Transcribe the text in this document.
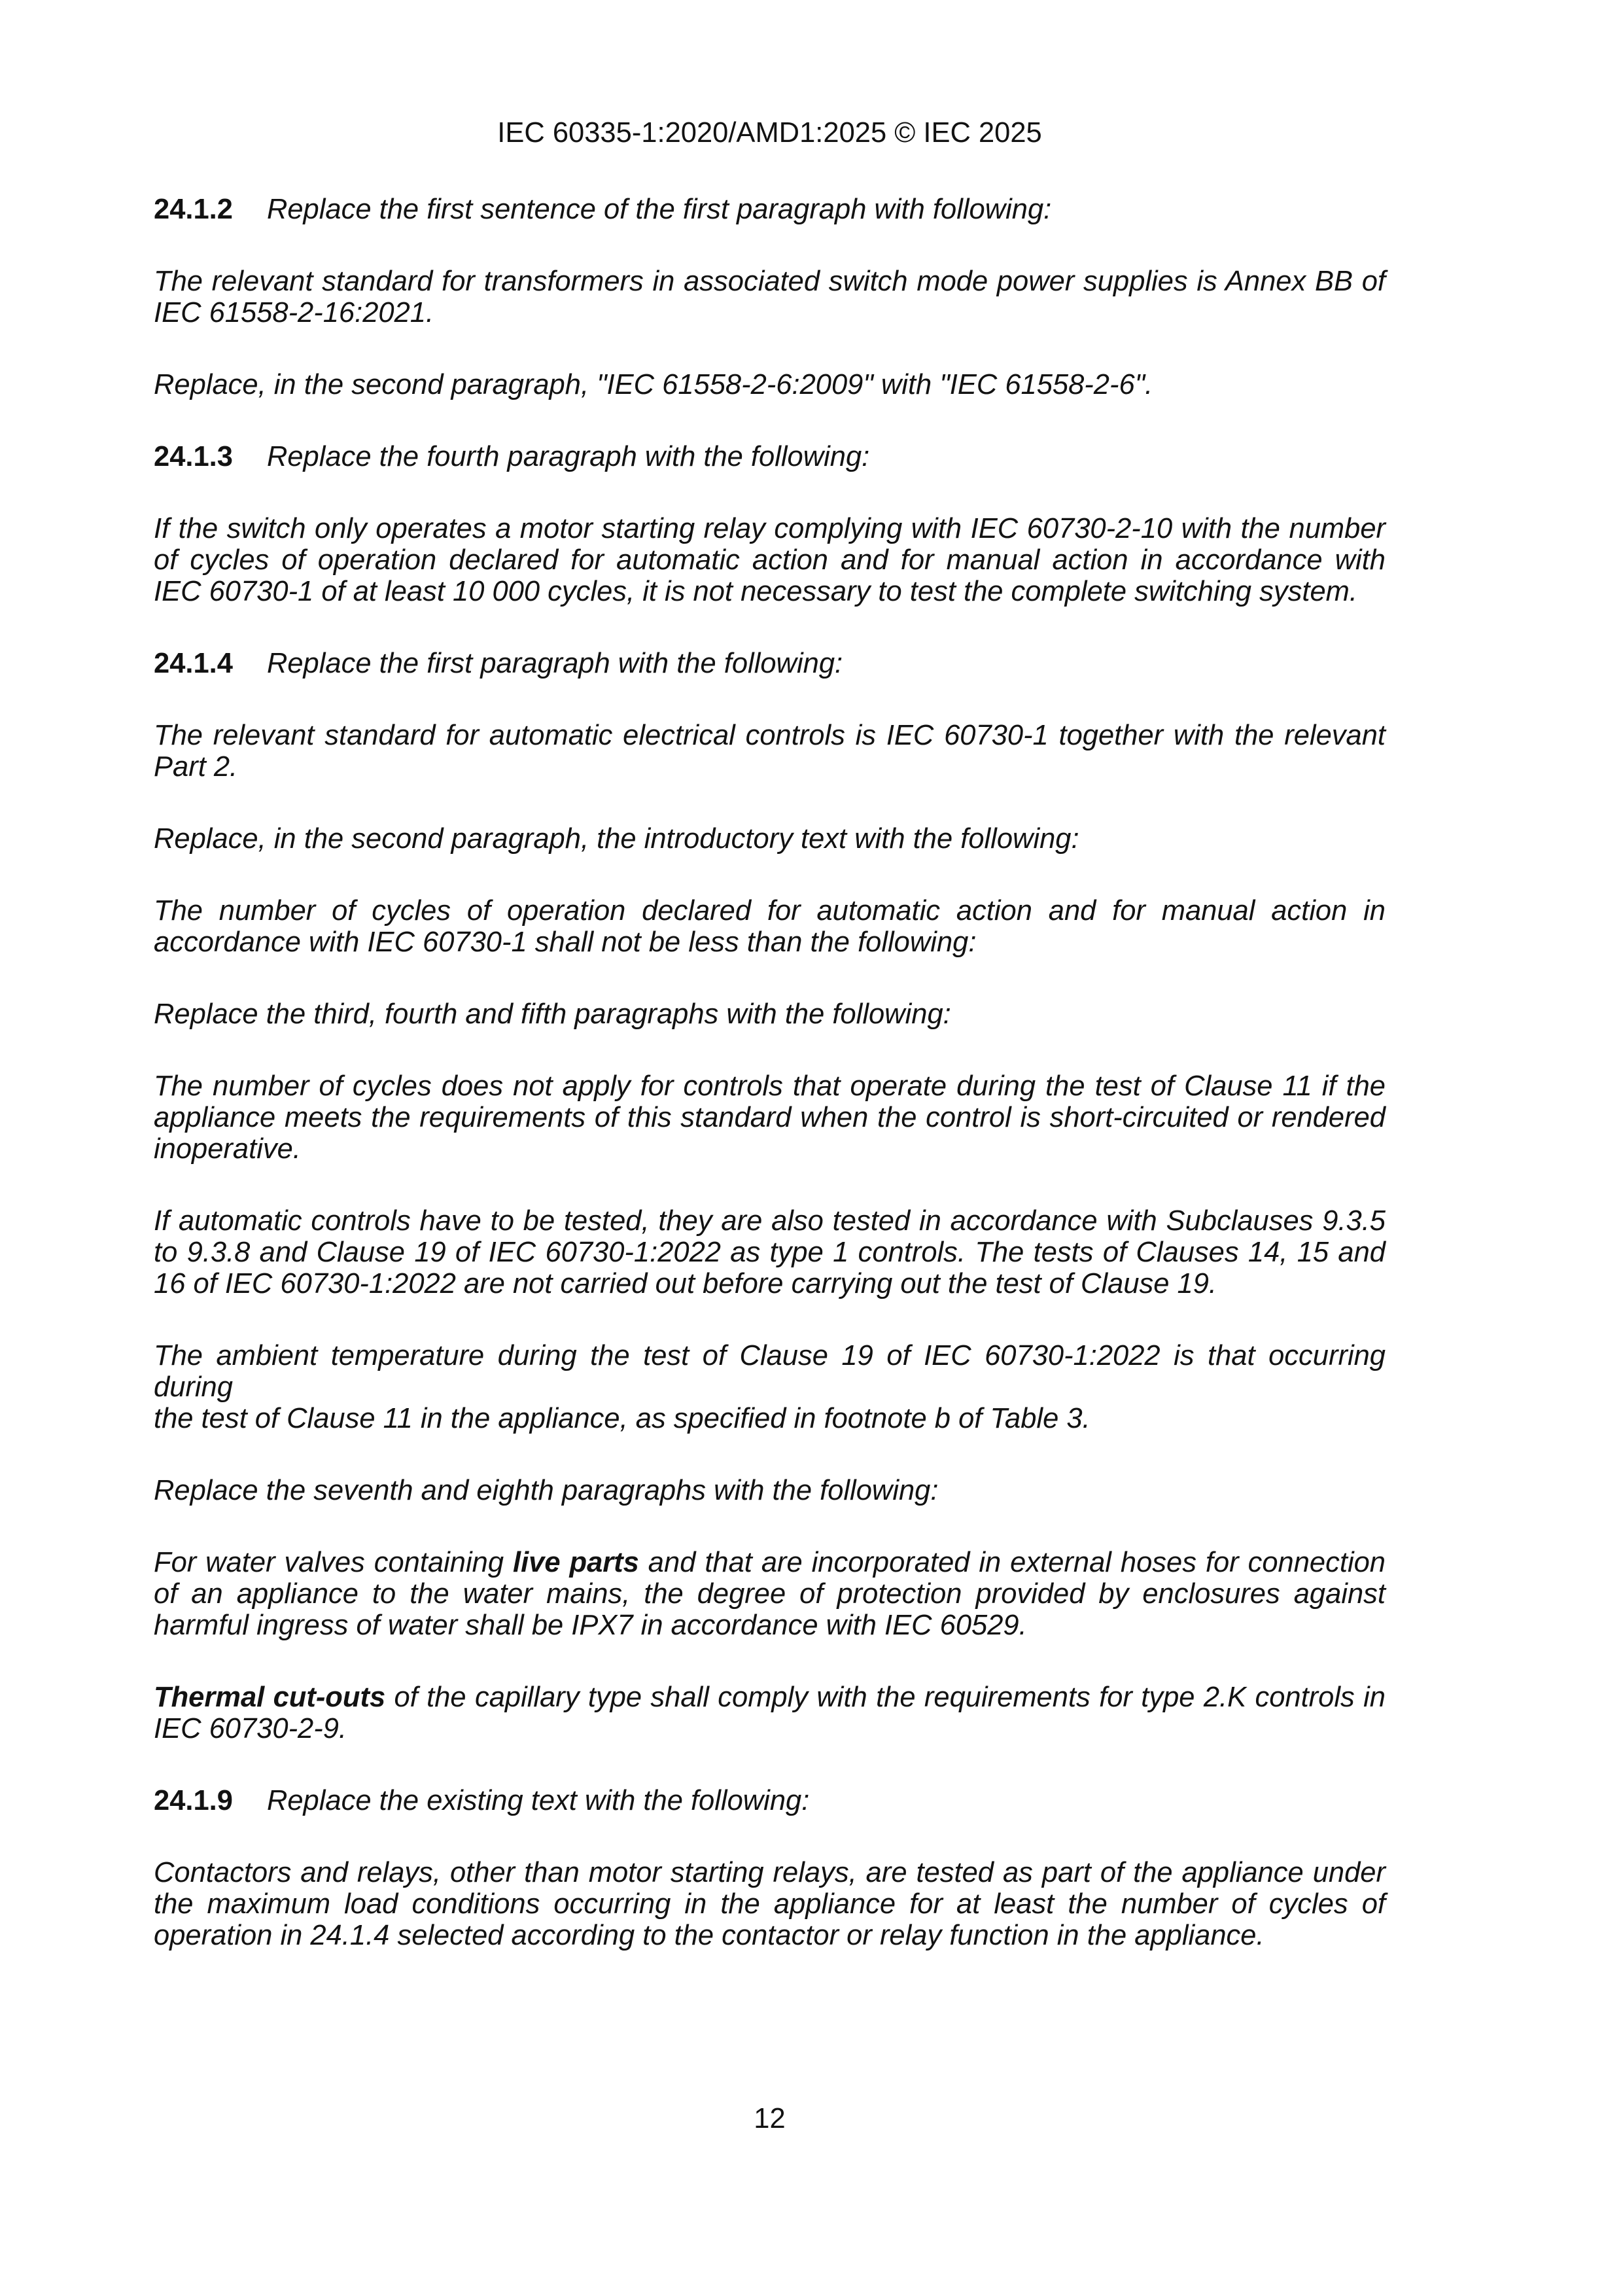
IEC 60335-1:2020/AMD1:2025 © IEC 2025
24.1.2 Replace the first sentence of the first paragraph with following:
The relevant standard for transformers in associated switch mode power supplies is Annex BB of
IEC 61558-2-16:2021.
Replace, in the second paragraph, "IEC 61558-2-6:2009" with "IEC 61558-2-6".
24.1.3 Replace the fourth paragraph with the following:
If the switch only operates a motor starting relay complying with IEC 60730-2-10 with the number
of cycles of operation declared for automatic action and for manual action in accordance with
IEC 60730-1 of at least 10 000 cycles, it is not necessary to test the complete switching system.
24.1.4 Replace the first paragraph with the following:
The relevant standard for automatic electrical controls is IEC 60730-1 together with the relevant
Part 2.
Replace, in the second paragraph, the introductory text with the following:
The number of cycles of operation declared for automatic action and for manual action in
accordance with IEC 60730-1 shall not be less than the following:
Replace the third, fourth and fifth paragraphs with the following:
The number of cycles does not apply for controls that operate during the test of Clause 11 if the
appliance meets the requirements of this standard when the control is short-circuited or rendered
inoperative.
If automatic controls have to be tested, they are also tested in accordance with Subclauses 9.3.5
to 9.3.8 and Clause 19 of IEC 60730-1:2022 as type 1 controls. The tests of Clauses 14, 15 and
16 of IEC 60730-1:2022 are not carried out before carrying out the test of Clause 19.
The ambient temperature during the test of Clause 19 of IEC 60730-1:2022 is that occurring during
the test of Clause 11 in the appliance, as specified in footnote b of Table 3.
Replace the seventh and eighth paragraphs with the following:
For water valves containing live parts and that are incorporated in external hoses for connection
of an appliance to the water mains, the degree of protection provided by enclosures against
harmful ingress of water shall be IPX7 in accordance with IEC 60529.
Thermal cut-outs of the capillary type shall comply with the requirements for type 2.K controls in
IEC 60730-2-9.
24.1.9 Replace the existing text with the following:
Contactors and relays, other than motor starting relays, are tested as part of the appliance under
the maximum load conditions occurring in the appliance for at least the number of cycles of
operation in 24.1.4 selected according to the contactor or relay function in the appliance.
12
